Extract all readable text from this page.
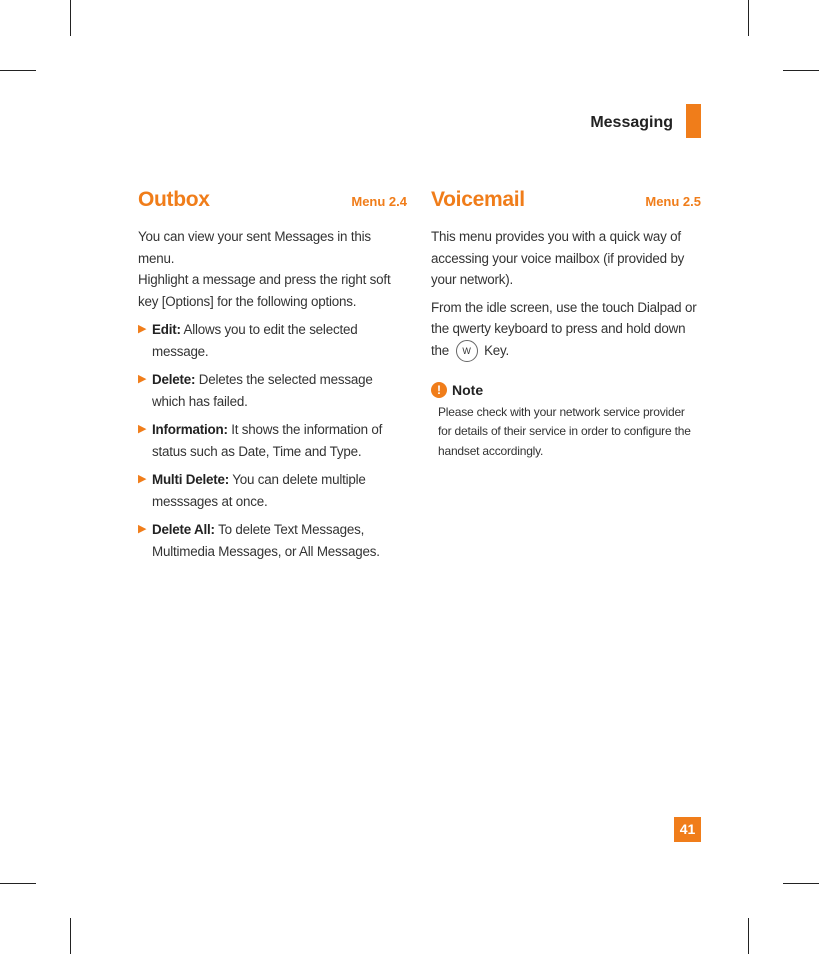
Messaging
Outbox	Menu 2.4

You can view your sent Messages in this menu.

Highlight a message and press the right soft key [Options] for the following options.

▶ Edit: Allows you to edit the selected message.
▶ Delete: Deletes the selected message which has failed.
▶ Information: It shows the information of status such as Date, Time and Type.
▶ Multi Delete: You can delete multiple messsages at once.
▶ Delete All: To delete Text Messages, Multimedia Messages, or All Messages.
Voicemail	Menu 2.5

This menu provides you with a quick way of accessing your voice mailbox (if provided by your network).

From the idle screen, use the touch Dialpad or the qwerty keyboard to press and hold down the W Key.

! Note

Please check with your network service provider for details of their service in order to configure the handset accordingly.

41
